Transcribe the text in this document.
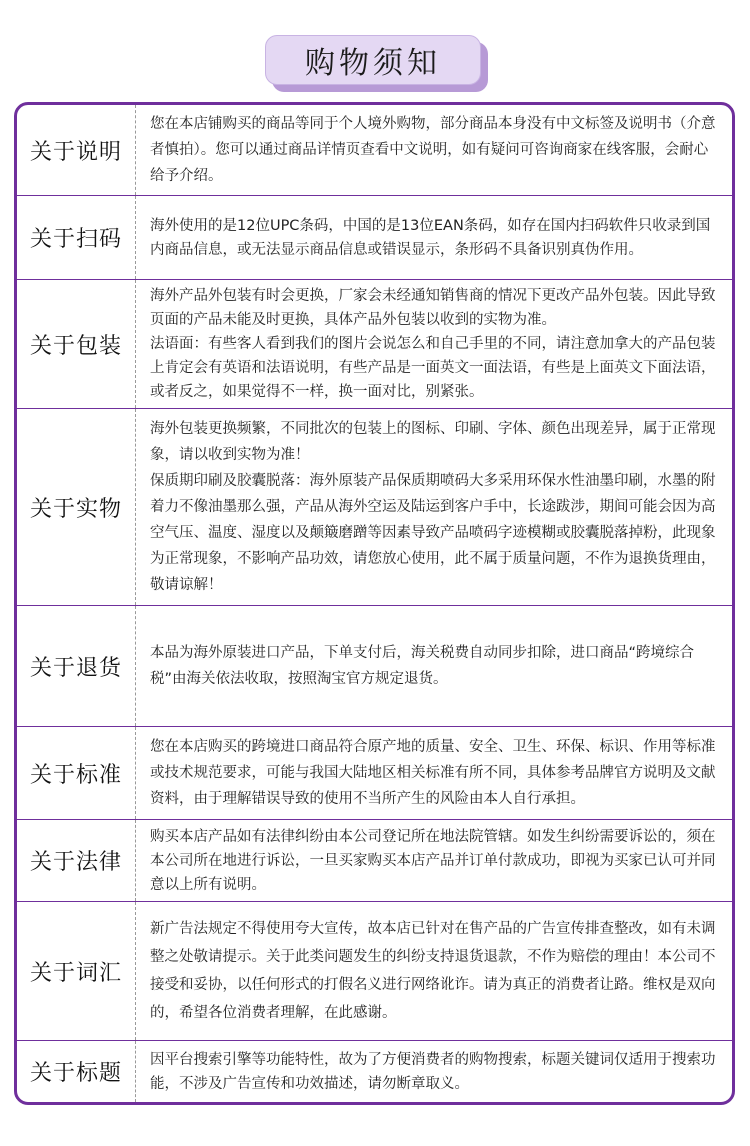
购物须知
关于说明

您在本店铺购买的商品等同于个人境外购物，部分商品本身没有中文标签及说明书（介意者慎拍）。您可以通过商品详情页查看中文说明，如有疑问可咨询商家在线客服，会耐心给予介绍。

关于扫码

海外使用的是12位UPC条码，中国的是13位EAN条码，如存在国内扫码软件只收录到国内商品信息，或无法显示商品信息或错误显示，条形码不具备识别真伪作用。

关于包装

海外产品外包装有时会更换，厂家会未经通知销售商的情况下更改产品外包装。因此导致页面的产品未能及时更换，具体产品外包装以收到的实物为准。

法语面：有些客人看到我们的图片会说怎么和自己手里的不同，请注意加拿大的产品包装上肯定会有英语和法语说明，有些产品是一面英文一面法语，有些是上面英文下面法语，或者反之，如果觉得不一样，换一面对比，别紧张。

关于实物

海外包装更换频繁，不同批次的包装上的图标、印刷、字体、颜色出现差异，属于正常现象，请以收到实物为准！

保质期印刷及胶囊脱落：海外原装产品保质期喷码大多采用环保水性油墨印刷，水墨的附着力不像油墨那么强，产品从海外空运及陆运到客户手中，长途跋涉，期间可能会因为高空气压、温度、湿度以及颠簸磨蹭等因素导致产品喷码字迹模糊或胶囊脱落掉粉，此现象为正常现象，不影响产品功效，请您放心使用，此不属于质量问题，不作为退换货理由，敬请谅解！

关于退货

本品为海外原装进口产品，下单支付后，海关税费自动同步扣除，进口商品“跨境综合税”由海关依法收取，按照淘宝官方规定退货。

关于标准

您在本店购买的跨境进口商品符合原产地的质量、安全、卫生、环保、标识、作用等标准或技术规范要求，可能与我国大陆地区相关标准有所不同，具体参考品牌官方说明及文献资料，由于理解错误导致的使用不当所产生的风险由本人自行承担。

关于法律

购买本店产品如有法律纠纷由本公司登记所在地法院管辖。如发生纠纷需要诉讼的，须在本公司所在地进行诉讼，一旦买家购买本店产品并订单付款成功，即视为买家已认可并同意以上所有说明。

关于词汇

新广告法规定不得使用夸大宣传，故本店已针对在售产品的广告宣传排查整改，如有未调整之处敬请提示。关于此类问题发生的纠纷支持退货退款，不作为赔偿的理由！本公司不接受和妥协，以任何形式的打假名义进行网络讹诈。请为真正的消费者让路。维权是双向的，希望各位消费者理解，在此感谢。

关于标题

因平台搜索引擎等功能特性，故为了方便消费者的购物搜索，标题关键词仅适用于搜索功能，不涉及广告宣传和功效描述，请勿断章取义。
